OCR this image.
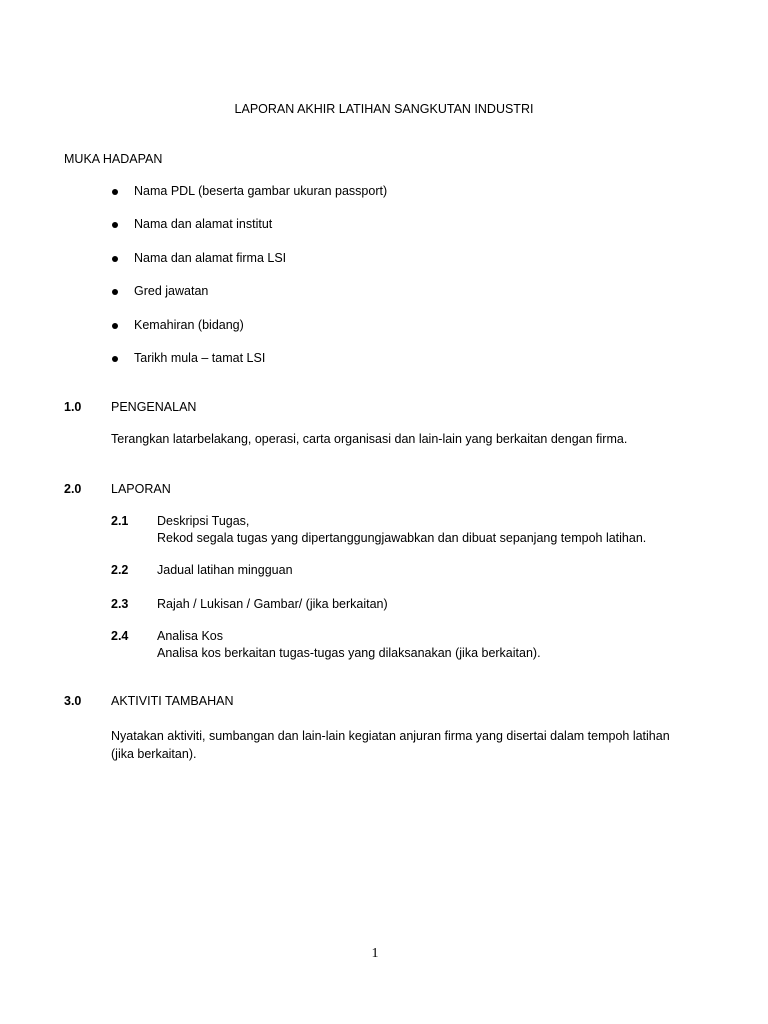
LAPORAN AKHIR LATIHAN SANGKUTAN INDUSTRI
MUKA HADAPAN
Nama PDL (beserta gambar ukuran passport)
Nama dan alamat institut
Nama dan alamat firma LSI
Gred jawatan
Kemahiran (bidang)
Tarikh mula – tamat LSI
1.0 PENGENALAN
Terangkan latarbelakang, operasi, carta organisasi dan lain-lain yang berkaitan dengan firma.
2.0 LAPORAN
2.1 Deskripsi Tugas,
Rekod segala tugas yang dipertanggungjawabkan dan dibuat sepanjang tempoh latihan.
2.2 Jadual latihan mingguan
2.3 Rajah / Lukisan / Gambar/ (jika berkaitan)
2.4 Analisa Kos
Analisa kos berkaitan tugas-tugas yang dilaksanakan (jika berkaitan).
3.0 AKTIVITI TAMBAHAN
Nyatakan aktiviti, sumbangan dan lain-lain kegiatan anjuran firma yang disertai dalam tempoh latihan (jika berkaitan).
1
